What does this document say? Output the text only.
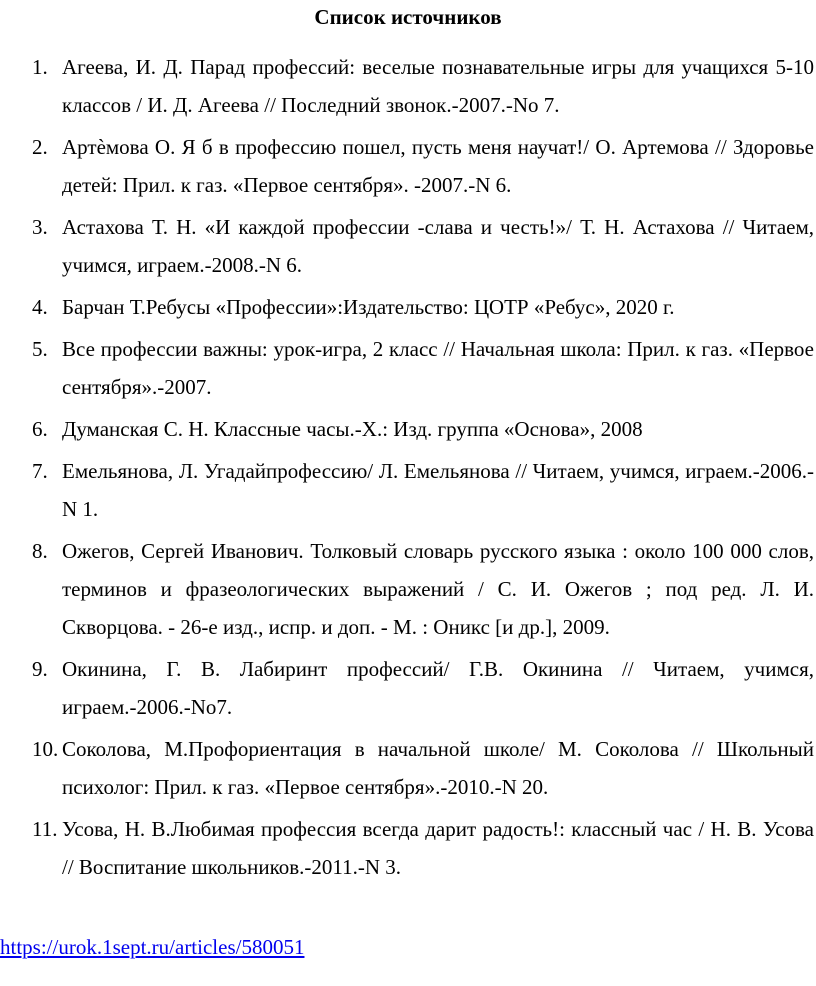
Список источников
1. Агеева, И. Д. Парад профессий: веселые познавательные игры для учащихся 5-10 классов / И. Д. Агеева // Последний звонок.-2007.-No 7.
2. Артѐмова О. Я б в профессию пошел, пусть меня научат!/ О. Артемова // Здоровье детей: Прил. к газ. «Первое сентября». -2007.-N 6.
3. Астахова Т. Н. «И каждой профессии -слава и честь!»/ Т. Н. Астахова // Читаем, учимся, играем.-2008.-N 6.
4. Барчан Т.Ребусы «Профессии»:Издательство: ЦОТР «Ребус», 2020 г.
5. Все профессии важны: урок-игра, 2 класс // Начальная школа: Прил. к газ. «Первое сентября».-2007.
6. Думанская С. Н. Классные часы.-Х.: Изд. группа «Основа», 2008
7. Емельянова, Л. Угадайпрофессию/ Л. Емельянова // Читаем, учимся, играем.-2006.-N 1.
8. Ожегов, Сергей Иванович. Толковый словарь русского языка : около 100 000 слов, терминов и фразеологических выражений / С. И. Ожегов ; под ред. Л. И. Скворцова. - 26-е изд., испр. и доп. - М. : Оникс [и др.], 2009.
9. Окинина, Г. В. Лабиринт профессий/ Г.В. Окинина // Читаем, учимся, играем.-2006.-No7.
10. Соколова, М.Профориентация в начальной школе/ М. Соколова // Школьный психолог: Прил. к газ. «Первое сентября».-2010.-N 20.
11. Усова, Н. В.Любимая профессия всегда дарит радость!: классный час / Н. В. Усова // Воспитание школьников.-2011.-N 3.
https://urok.1sept.ru/articles/580051
